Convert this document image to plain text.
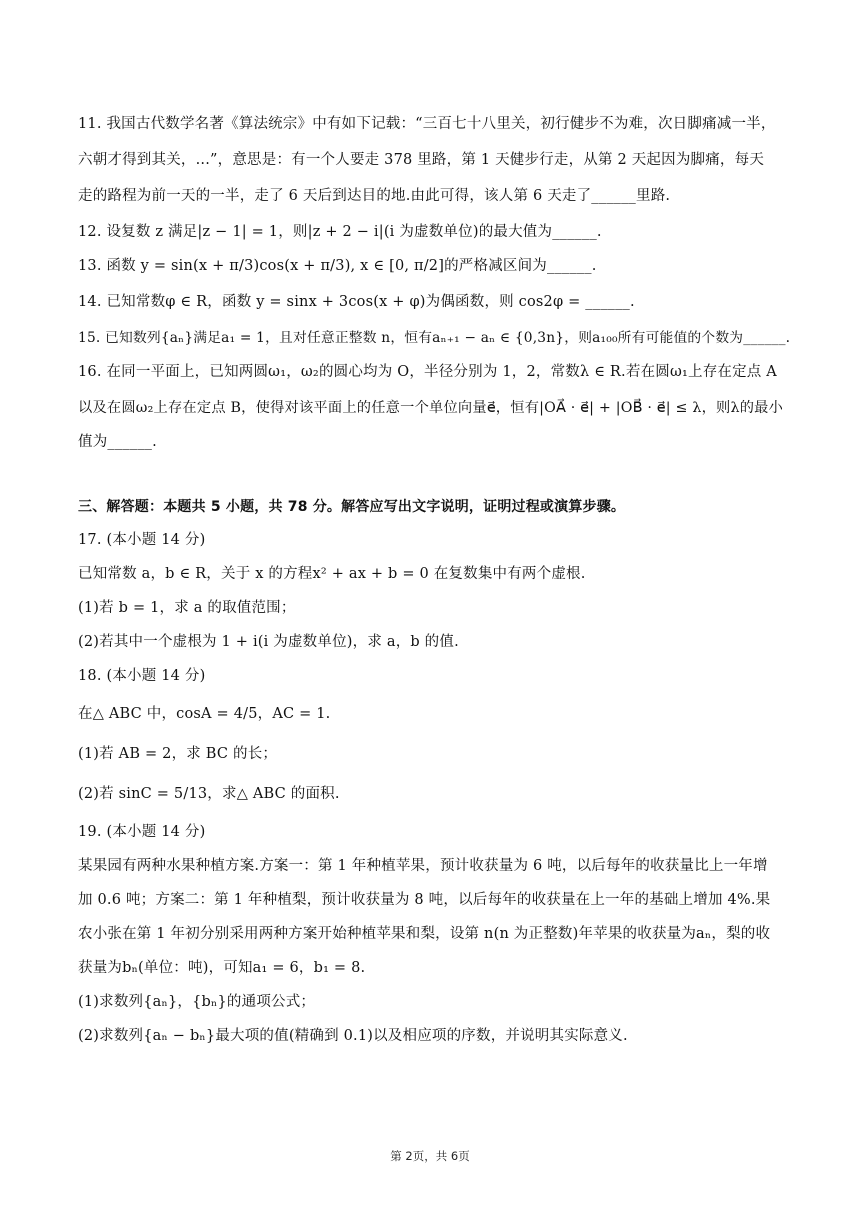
11. 我国古代数学名著《算法统宗》中有如下记载：“三百七十八里关，初行健步不为难，次日脚痛减一半，
六朝才得到其关，...”，意思是：有一个人要走 378 里路，第 1 天健步行走，从第 2 天起因为脚痛，每天
走的路程为前一天的一半，走了 6 天后到达目的地.由此可得，该人第 6 天走了______里路.
12. 设复数 z 满足|z − 1| = 1，则|z + 2 − i|(i 为虚数单位)的最大值为______.
13. 函数 y = sin(x + π/3)cos(x + π/3), x ∈ [0, π/2]的严格减区间为______.
14. 已知常数φ ∈ R，函数 y = sinx + 3cos(x + φ)为偶函数，则 cos2φ = ______.
15. 已知数列{aₙ}满足a₁ = 1，且对任意正整数 n，恒有aₙ₊₁ − aₙ ∈ {0,3n}，则a₁₀₀所有可能值的个数为______.
16. 在同一平面上，已知两圆ω₁，ω₂的圆心均为 O，半径分别为 1，2，常数λ ∈ R.若在圆ω₁上存在定点 A
以及在圆ω₂上存在定点 B，使得对该平面上的任意一个单位向量e⃗，恒有|OA⃗ · e⃗| + |OB⃗ · e⃗| ≤ λ，则λ的最小
值为______.
三、解答题：本题共 5 小题，共 78 分。解答应写出文字说明，证明过程或演算步骤。
17. (本小题 14 分)
已知常数 a，b ∈ R，关于 x 的方程x² + ax + b = 0 在复数集中有两个虚根.
(1)若 b = 1，求 a 的取值范围；
(2)若其中一个虚根为 1 + i(i 为虚数单位)，求 a，b 的值.
18. (本小题 14 分)
在△ ABC 中，cosA = 4/5，AC = 1.
(1)若 AB = 2，求 BC 的长；
(2)若 sinC = 5/13，求△ ABC 的面积.
19. (本小题 14 分)
某果园有两种水果种植方案.方案一：第 1 年种植苹果，预计收获量为 6 吨，以后每年的收获量比上一年增
加 0.6 吨；方案二：第 1 年种植梨，预计收获量为 8 吨，以后每年的收获量在上一年的基础上增加 4%.果
农小张在第 1 年初分别采用两种方案开始种植苹果和梨，设第 n(n 为正整数)年苹果的收获量为aₙ，梨的收
获量为bₙ(单位：吨)，可知a₁ = 6，b₁ = 8.
(1)求数列{aₙ}，{bₙ}的通项公式；
(2)求数列{aₙ − bₙ}最大项的值(精确到 0.1)以及相应项的序数，并说明其实际意义.
第 2页，共 6页
